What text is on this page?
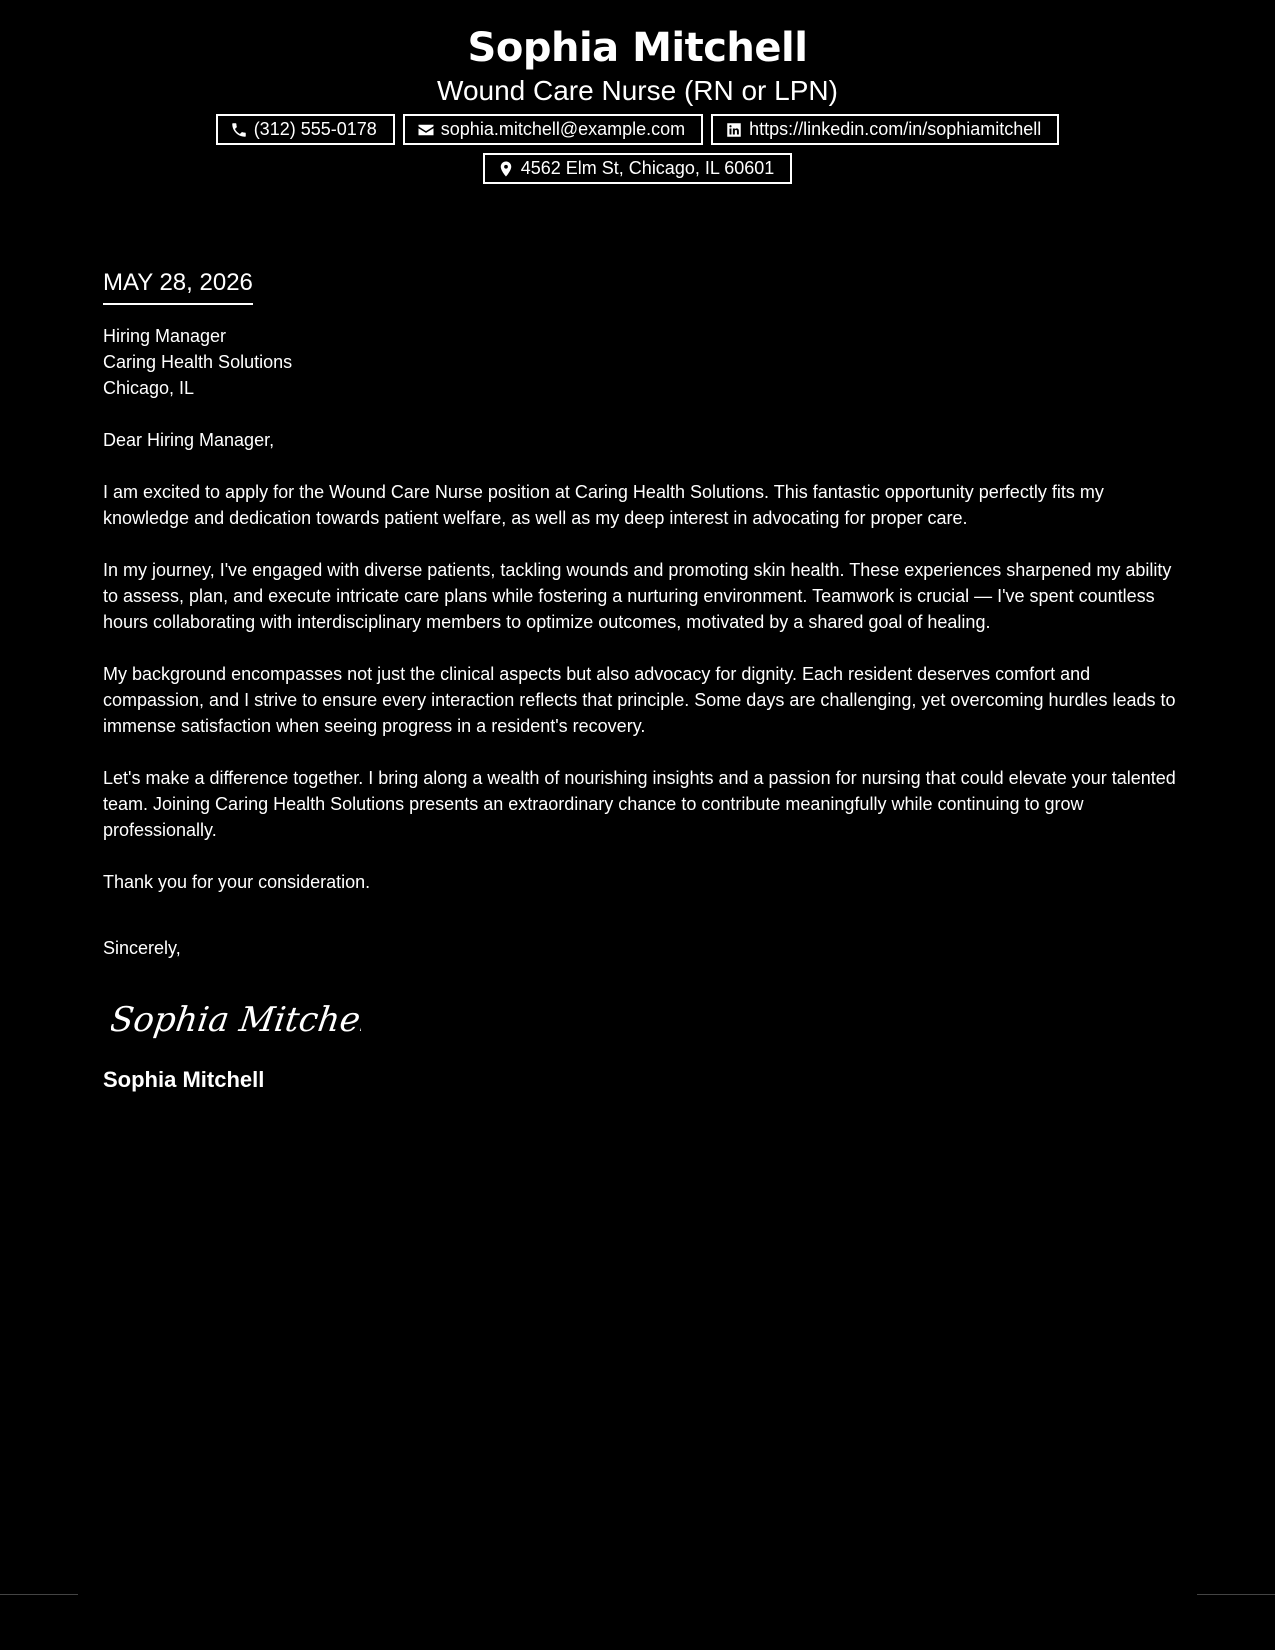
Sophia Mitchell
Wound Care Nurse (RN or LPN)
(312) 555-0178	sophia.mitchell@example.com	https://linkedin.com/in/sophiamitchell
4562 Elm St, Chicago, IL 60601
MAY 28, 2026

Hiring Manager

Caring Health Solutions

Chicago, IL

Dear Hiring Manager,

I am excited to apply for the Wound Care Nurse position at Caring Health Solutions. This fantastic opportunity perfectly fits my knowledge and dedication towards patient welfare, as well as my deep interest in advocating for proper care.

In my journey, I've engaged with diverse patients, tackling wounds and promoting skin health. These experiences sharpened my ability to assess, plan, and execute intricate care plans while fostering a nurturing environment. Teamwork is crucial — I've spent countless hours collaborating with interdisciplinary members to optimize outcomes, motivated by a shared goal of healing.

My background encompasses not just the clinical aspects but also advocacy for dignity. Each resident deserves comfort and compassion, and I strive to ensure every interaction reflects that principle. Some days are challenging, yet overcoming hurdles leads to immense satisfaction when seeing progress in a resident's recovery.

Let's make a difference together. I bring along a wealth of nourishing insights and a passion for nursing that could elevate your talented team. Joining Caring Health Solutions presents an extraordinary chance to contribute meaningfully while continuing to grow professionally.

Thank you for your consideration.

Sincerely,

Sophia Mitchell
Sophia Mitchell
